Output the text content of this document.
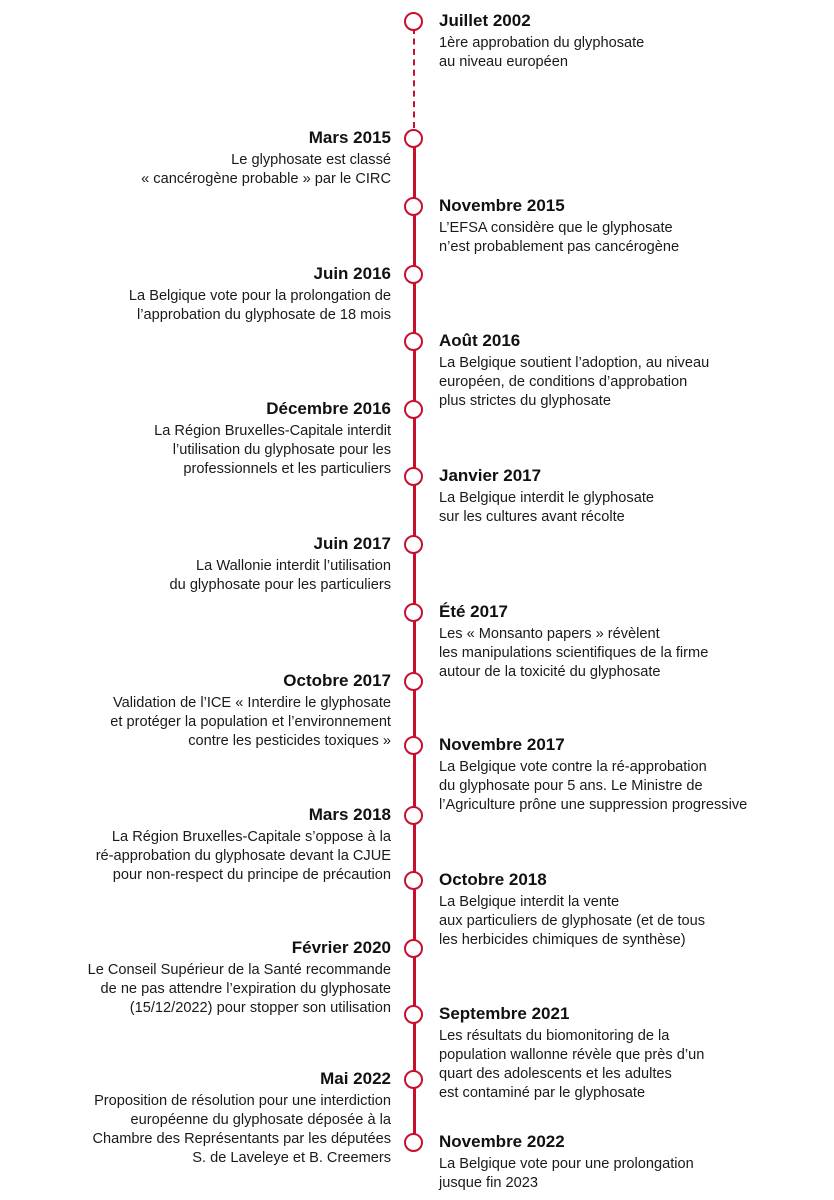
Juillet 2002
1ère approbation du glyphosate
au niveau européen
Mars 2015
Le glyphosate est classé
« cancérogène probable » par le CIRC
Novembre 2015
L’EFSA considère que le glyphosate
n’est probablement pas cancérogène
Juin 2016
La Belgique vote pour la prolongation de
l’approbation du glyphosate de 18 mois
Août 2016
La Belgique soutient l’adoption, au niveau
européen, de conditions d’approbation
plus strictes du glyphosate
Décembre 2016
La Région Bruxelles-Capitale interdit
l’utilisation du glyphosate pour les
professionnels et les particuliers	Janvier 2017
La Belgique interdit le glyphosate
sur les cultures avant récolte
Juin 2017
La Wallonie interdit l’utilisation
du glyphosate pour les particuliers
Été 2017
Les « Monsanto papers » révèlent
les manipulations scientifiques de la firme
autour de la toxicité du glyphosate
Octobre 2017
Validation de l’ICE « Interdire le glyphosate
et protéger la population et l’environnement
contre les pesticides toxiques »	Novembre 2017
La Belgique vote contre la ré-approbation
du glyphosate pour 5 ans. Le Ministre de
l’Agriculture prône une suppression progressive
Mars 2018
La Région Bruxelles-Capitale s’oppose à la
ré-approbation du glyphosate devant la CJUE
pour non-respect du principe de précaution	Octobre 2018
La Belgique interdit la vente
aux particuliers de glyphosate (et de tous
les herbicides chimiques de synthèse)
Février 2020
Le Conseil Supérieur de la Santé recommande
de ne pas attendre l’expiration du glyphosate
(15/12/2022) pour stopper son utilisation	Septembre 2021
Les résultats du biomonitoring de la
population wallonne révèle que près d’un
quart des adolescents et les adultes
est contaminé par le glyphosate
Mai 2022
Proposition de résolution pour une interdiction
européenne du glyphosate déposée à la
Chambre des Représentants par les députées
S. de Laveleye et B. Creemers
Novembre 2022
La Belgique vote pour une prolongation
jusque fin 2023
